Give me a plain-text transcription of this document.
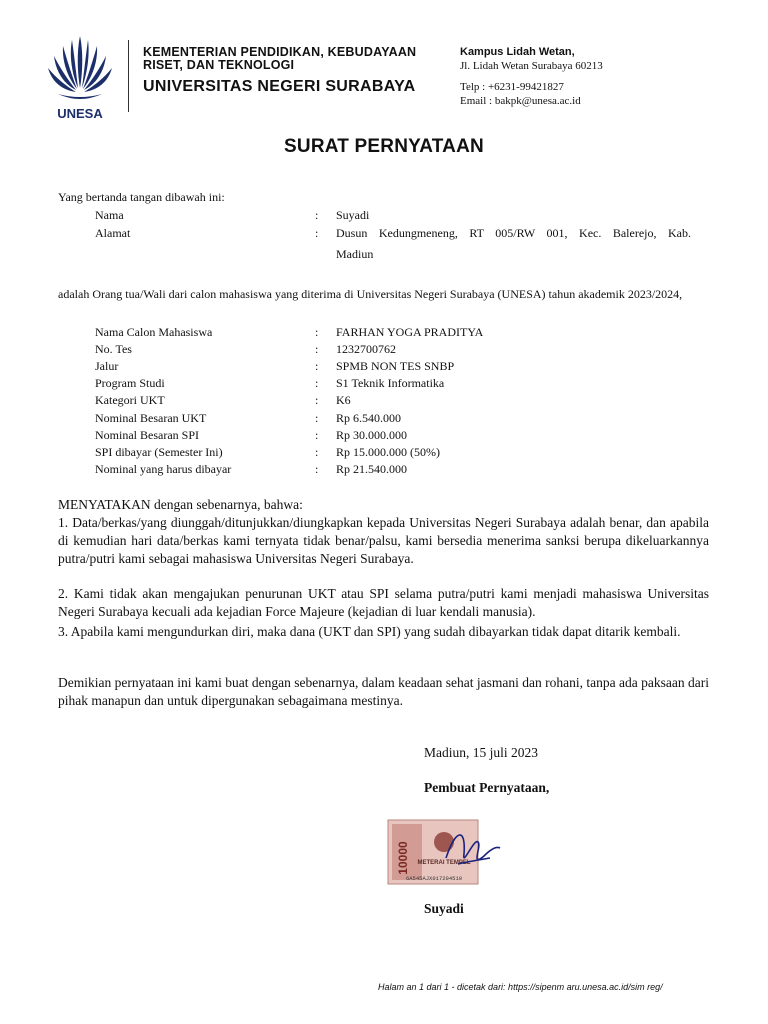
UNESA
KEMENTERIAN PENDIDIKAN, KEBUDAYAAN
RISET, DAN TEKNOLOGI
UNIVERSITAS NEGERI SURABAYA
Kampus Lidah Wetan,
Jl. Lidah Wetan Surabaya 60213
Telp : +6231-99421827
Email : bakpk@unesa.ac.id
SURAT PERNYATAAN
Yang bertanda tangan dibawah ini:
Nama	: Suyadi
Alamat	: Dusun Kedungmeneng, RT 005/RW 001, Kec. Balerejo, Kab.
Madiun
adalah Orang tua/Wali dari calon mahasiswa yang diterima di Universitas Negeri Surabaya (UNESA) tahun akademik 2023/2024,
Nama Calon Mahasiswa	: FARHAN YOGA PRADITYA
No. Tes	: 1232700762
Jalur	: SPMB NON TES SNBP
Program Studi	: S1 Teknik Informatika
Kategori UKT	: K6
Nominal Besaran UKT	: Rp 6.540.000
Nominal Besaran SPI	: Rp 30.000.000
SPI dibayar (Semester Ini)	: Rp 15.000.000 (50%)
Nominal yang harus dibayar	: Rp 21.540.000
MENYATAKAN dengan sebenarnya, bahwa:
1. Data/berkas/yang diunggah/ditunjukkan/diungkapkan kepada Universitas Negeri Surabaya adalah benar, dan apabila di kemudian hari data/berkas kami ternyata tidak benar/palsu, kami bersedia menerima sanksi berupa dikeluarkannya putra/putri kami sebagai mahasiswa Universitas Negeri Surabaya.
2. Kami tidak akan mengajukan penurunan UKT atau SPI selama putra/putri kami menjadi mahasiswa Universitas Negeri Surabaya kecuali ada kejadian Force Majeure (kejadian di luar kendali manusia).
3. Apabila kami mengundurkan diri, maka dana (UKT dan SPI) yang sudah dibayarkan tidak dapat ditarik kembali.
Demikian pernyataan ini kami buat dengan sebenarnya, dalam keadaan sehat jasmani dan rohani, tanpa ada paksaan dari pihak manapun dan untuk dipergunakan sebagaimana mestinya.
Madiun, 15 juli 2023
Pembuat Pernyataan,
10000 METERAI TEMPEL
6A545AJX017204510
Suyadi
Halam an 1 dari 1 - dicetak dari: https://sipenm aru.unesa.ac.id/sim reg/
